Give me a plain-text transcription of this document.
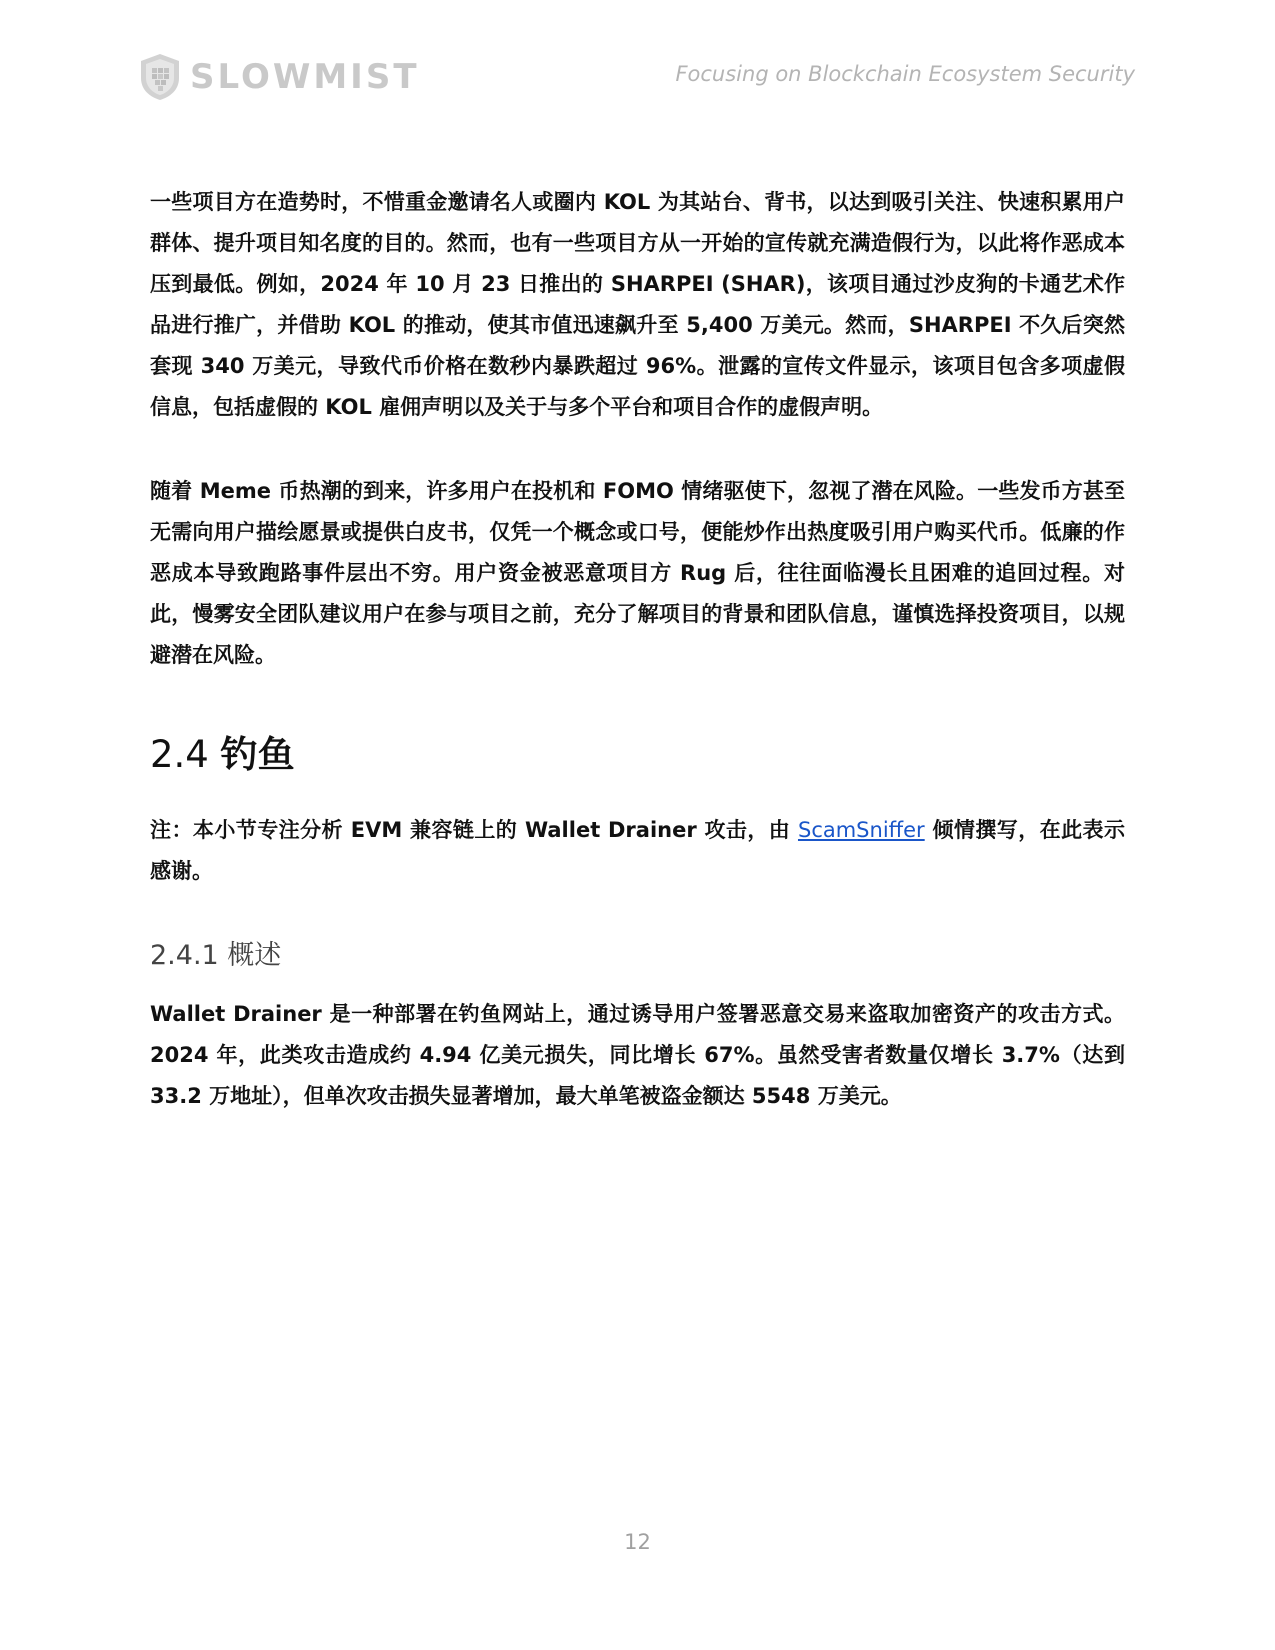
SLOWMIST	Focusing on Blockchain Ecosystem Security

一些项目方在造势时，不惜重金邀请名人或圈内 KOL 为其站台、背书，以达到吸引关注、快速积累用户群体、提升项目知名度的目的。然而，也有一些项目方从一开始的宣传就充满造假行为，以此将作恶成本压到最低。例如，2024 年 10 月 23 日推出的 SHARPEI (SHAR)，该项目通过沙皮狗的卡通艺术作品进行推广，并借助 KOL 的推动，使其市值迅速飙升至 5,400 万美元。然而，SHARPEI 不久后突然套现 340 万美元，导致代币价格在数秒内暴跌超过 96%。泄露的宣传文件显示，该项目包含多项虚假信息，包括虚假的 KOL 雇佣声明以及关于与多个平台和项目合作的虚假声明。

随着 Meme 币热潮的到来，许多用户在投机和 FOMO 情绪驱使下，忽视了潜在风险。一些发币方甚至无需向用户描绘愿景或提供白皮书，仅凭一个概念或口号，便能炒作出热度吸引用户购买代币。低廉的作恶成本导致跑路事件层出不穷。用户资金被恶意项目方 Rug 后，往往面临漫长且困难的追回过程。对此，慢雾安全团队建议用户在参与项目之前，充分了解项目的背景和团队信息，谨慎选择投资项目，以规避潜在风险。

2.4 钓鱼

注：本小节专注分析 EVM 兼容链上的 Wallet Drainer 攻击，由 ScamSniffer 倾情撰写，在此表示感谢。

2.4.1 概述

Wallet Drainer 是一种部署在钓鱼网站上，通过诱导用户签署恶意交易来盗取加密资产的攻击方式。2024 年，此类攻击造成约 4.94 亿美元损失，同比增长 67%。虽然受害者数量仅增长 3.7%（达到 33.2 万地址），但单次攻击损失显著增加，最大单笔被盗金额达 5548 万美元。

12
